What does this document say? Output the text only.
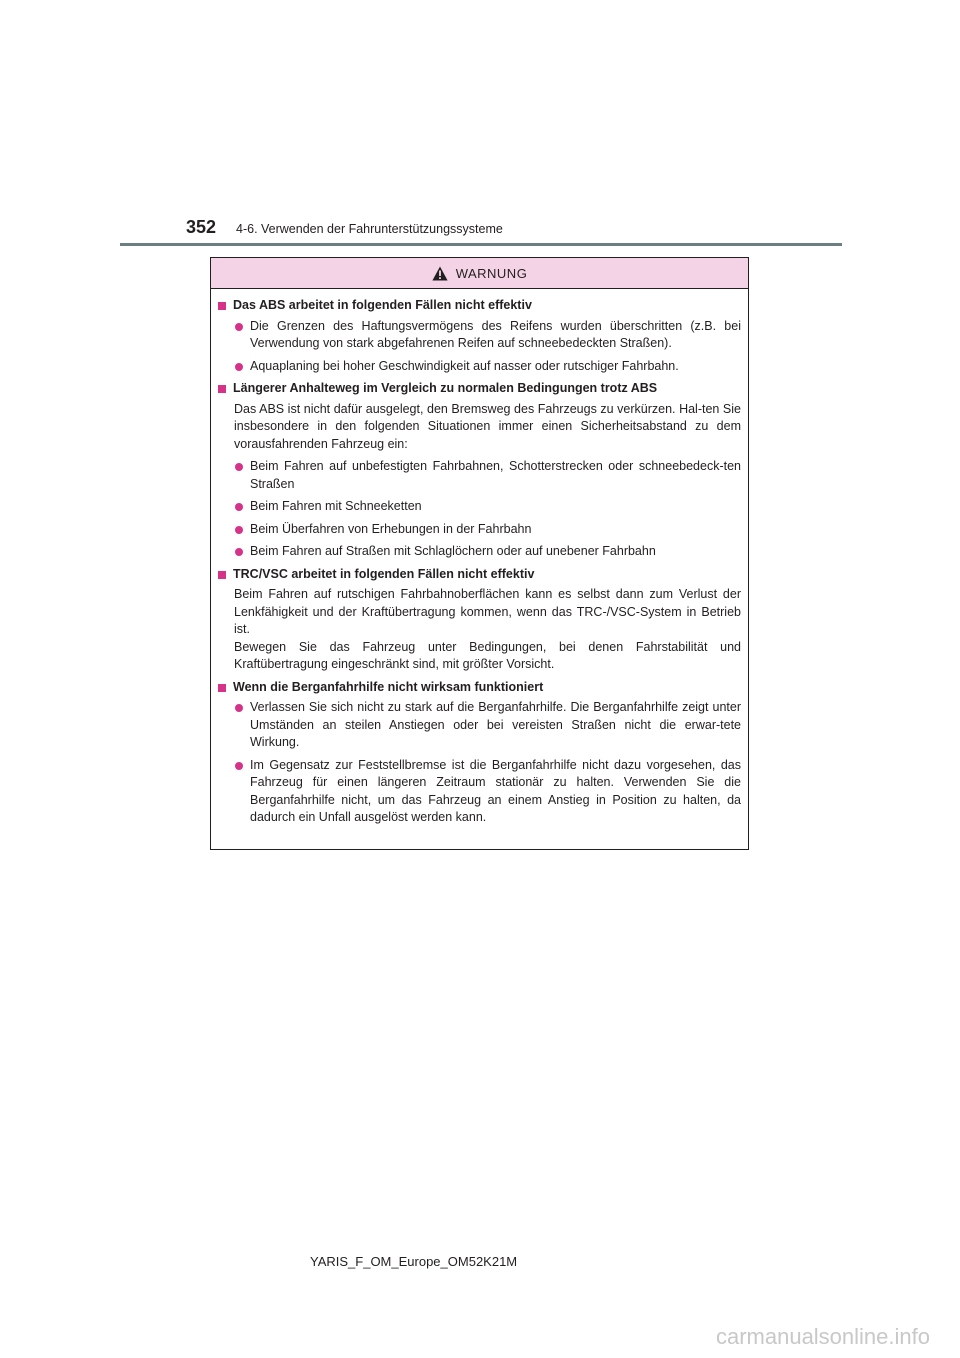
352 4-6. Verwenden der Fahrunterstützungssysteme
WARNUNG
Das ABS arbeitet in folgenden Fällen nicht effektiv
Die Grenzen des Haftungsvermögens des Reifens wurden überschritten (z.B. bei Verwendung von stark abgefahrenen Reifen auf schneebedeckten Straßen).
Aquaplaning bei hoher Geschwindigkeit auf nasser oder rutschiger Fahrbahn.
Längerer Anhalteweg im Vergleich zu normalen Bedingungen trotz ABS
Das ABS ist nicht dafür ausgelegt, den Bremsweg des Fahrzeugs zu verkürzen. Hal-ten Sie insbesondere in den folgenden Situationen immer einen Sicherheitsabstand zu dem vorausfahrenden Fahrzeug ein:
Beim Fahren auf unbefestigten Fahrbahnen, Schotterstrecken oder schneebedeck-ten Straßen
Beim Fahren mit Schneeketten
Beim Überfahren von Erhebungen in der Fahrbahn
Beim Fahren auf Straßen mit Schlaglöchern oder auf unebener Fahrbahn
TRC/VSC arbeitet in folgenden Fällen nicht effektiv
Beim Fahren auf rutschigen Fahrbahnoberflächen kann es selbst dann zum Verlust der Lenkfähigkeit und der Kraftübertragung kommen, wenn das TRC-/VSC-System in Betrieb ist.
Bewegen Sie das Fahrzeug unter Bedingungen, bei denen Fahrstabilität und Kraftübertragung eingeschränkt sind, mit größter Vorsicht.
Wenn die Berganfahrhilfe nicht wirksam funktioniert
Verlassen Sie sich nicht zu stark auf die Berganfahrhilfe. Die Berganfahrhilfe zeigt unter Umständen an steilen Anstiegen oder bei vereisten Straßen nicht die erwar-tete Wirkung.
Im Gegensatz zur Feststellbremse ist die Berganfahrhilfe nicht dazu vorgesehen, das Fahrzeug für einen längeren Zeitraum stationär zu halten. Verwenden Sie die Berganfahrhilfe nicht, um das Fahrzeug an einem Anstieg in Position zu halten, da dadurch ein Unfall ausgelöst werden kann.
YARIS_F_OM_Europe_OM52K21M
carmanualsonline.info
